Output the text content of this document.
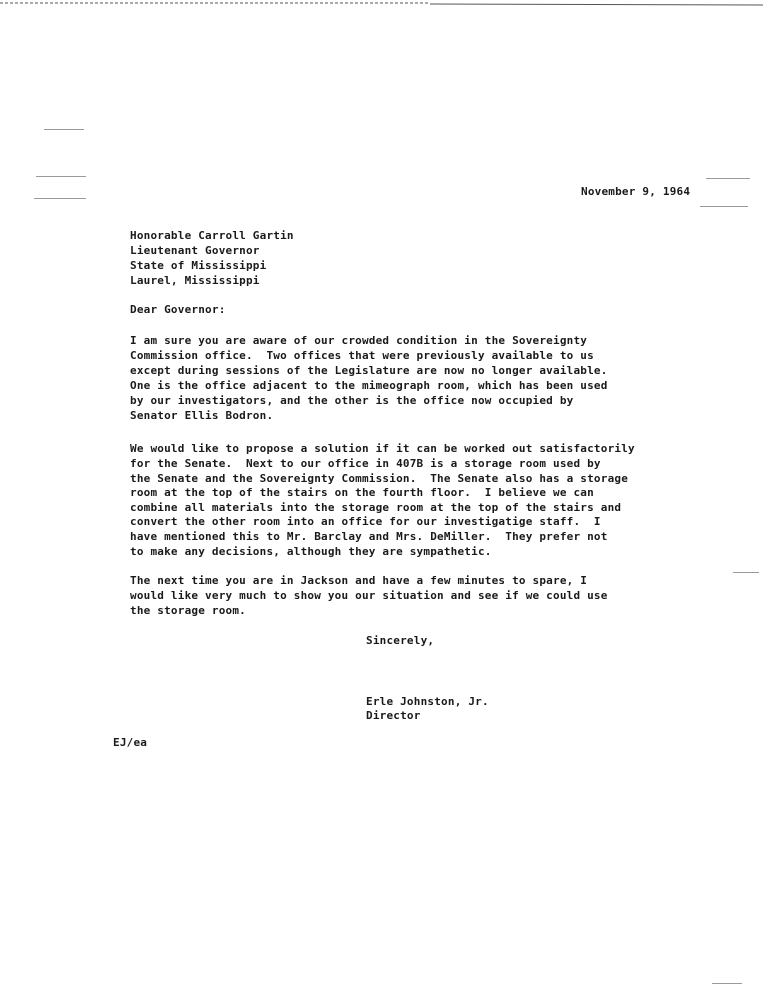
November 9, 1964
Honorable Carroll Gartin
Lieutenant Governor
State of Mississippi
Laurel, Mississippi
Dear Governor:
I am sure you are aware of our crowded condition in the Sovereignty
Commission office.  Two offices that were previously available to us
except during sessions of the Legislature are now no longer available.
One is the office adjacent to the mimeograph room, which has been used
by our investigators, and the other is the office now occupied by
Senator Ellis Bodron.
We would like to propose a solution if it can be worked out satisfactorily
for the Senate.  Next to our office in 407B is a storage room used by
the Senate and the Sovereignty Commission.  The Senate also has a storage
room at the top of the stairs on the fourth floor.  I believe we can
combine all materials into the storage room at the top of the stairs and
convert the other room into an office for our investigatige staff.  I
have mentioned this to Mr. Barclay and Mrs. DeMiller.  They prefer not
to make any decisions, although they are sympathetic.
The next time you are in Jackson and have a few minutes to spare, I
would like very much to show you our situation and see if we could use
the storage room.
Sincerely,
Erle Johnston, Jr.
Director
EJ/ea
